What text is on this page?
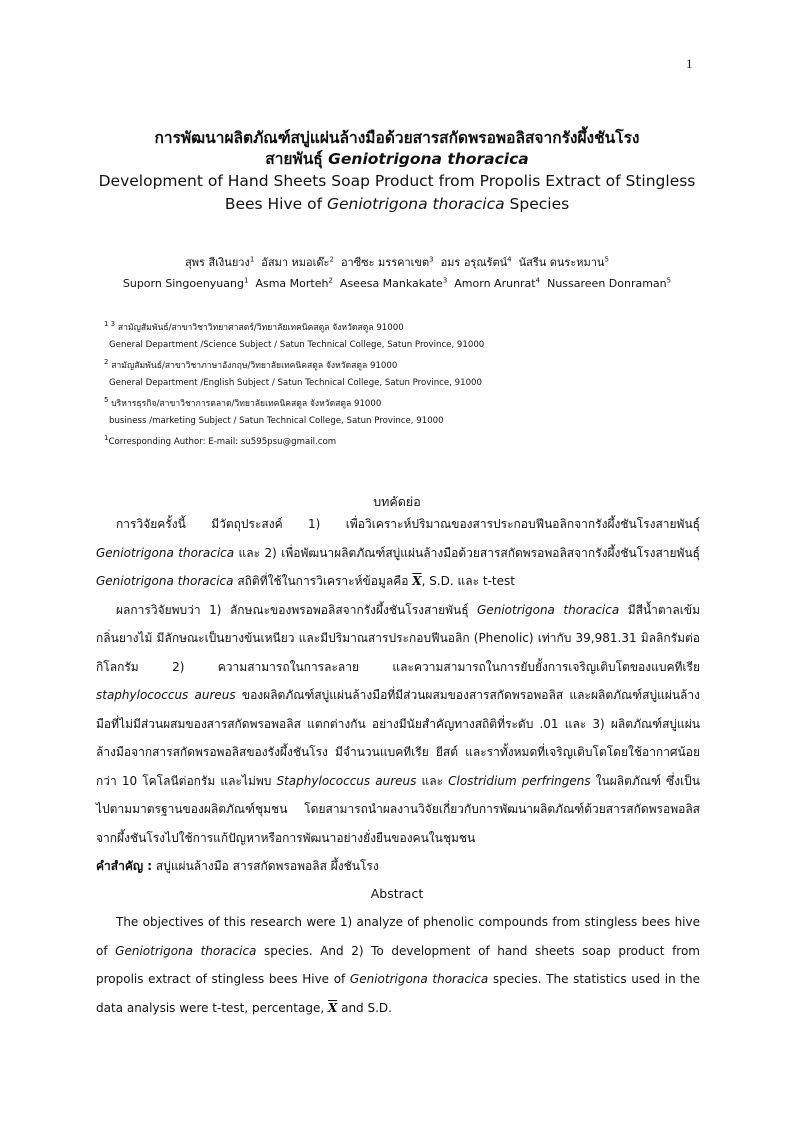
1

การพัฒนาผลิตภัณฑ์สบู่แผ่นล้างมือด้วยสารสกัดพรอพอลิสจากรังผึ้งชันโรง

สายพันธุ์ Geniotrigona thoracica

Development of Hand Sheets Soap Product from Propolis Extract of Stingless

Bees Hive of Geniotrigona thoracica Species

สุพร สีเงินยวง$^1$ อัสมา หมอเด๊ะ$^2$ อาซีซะ มรรคาเขต$^3$ อมร อรุณรัตน์$^4$ นัสรีน ดนระหมาน$^5$
Suporn Singoenyuang$^1$ Asma Morteh$^2$ Aseesa Mankakate$^3$ Amorn Arunrat$^4$ Nussareen Donraman$^5$
$^{1 3}$ สามัญสัมพันธ์/สาขาวิชาวิทยาศาสตร์/วิทยาลัยเทคนิคสตูล จังหวัดสตูล 91000
General Department /Science Subject / Satun Technical College, Satun Province, 91000
$^2$ สามัญสัมพันธ์/สาขาวิชาภาษาอังกฤษ/วิทยาลัยเทคนิคสตูล จังหวัดสตูล 91000
General Department /English Subject / Satun Technical College, Satun Province, 91000
$^5$ บริหารธุรกิจ/สาขาวิชาการตลาด/วิทยาลัยเทคนิคสตูล จังหวัดสตูล 91000
business /marketing Subject / Satun Technical College, Satun Province, 91000
$^1$Corresponding Author: E-mail: su595psu@gmail.com
บทคัดย่อ

การวิจัยครั้งนี้ มีวัตถุประสงค์ 1) เพื่อวิเคราะห์ปริมาณของสารประกอบฟีนอลิกจากรังผึ้งชันโรงสายพันธุ์ Geniotrigona thoracica และ 2) เพื่อพัฒนาผลิตภัณฑ์สบู่แผ่นล้างมือด้วยสารสกัดพรอพอลิสจากรังผึ้งชันโรงสายพันธุ์ Geniotrigona thoracica สถิติที่ใช้ในการวิเคราะห์ข้อมูลคือ $\overline{X}$, S.D. และ t-test

ผลการวิจัยพบว่า 1) ลักษณะของพรอพอลิสจากรังผึ้งชันโรงสายพันธุ์ Geniotrigona thoracica มีสีน้ำตาลเข้ม กลิ่นยางไม้ มีลักษณะเป็นยางข้นเหนียว และมีปริมาณสารประกอบฟีนอลิก (Phenolic) เท่ากับ 39,981.31 มิลลิกรัมต่อกิโลกรัม 2) ความสามารถในการละลาย และความสามารถในการยับยั้งการเจริญเติบโตของแบคทีเรีย staphylococcus aureus ของผลิตภัณฑ์สบู่แผ่นล้างมือที่มีส่วนผสมของสารสกัดพรอพอลิส และผลิตภัณฑ์สบู่แผ่นล้างมือที่ไม่มีส่วนผสมของสารสกัดพรอพอลิส แตกต่างกัน อย่างมีนัยสำคัญทางสถิติที่ระดับ .01 และ 3) ผลิตภัณฑ์สบู่แผ่นล้างมือจากสารสกัดพรอพอลิสของรังผึ้งชันโรง มีจำนวนแบคทีเรีย ยีสต์ และราทั้งหมดที่เจริญเติบโตโดยใช้อากาศน้อยกว่า 10 โคโลนีต่อกรัม และไม่พบ Staphylococcus aureus และ Clostridium perfringens ในผลิตภัณฑ์ ซึ่งเป็นไปตามมาตรฐานของผลิตภัณฑ์ชุมชน โดยสามารถนำผลงานวิจัยเกี่ยวกับการพัฒนาผลิตภัณฑ์ด้วยสารสกัดพรอพอลิสจากผึ้งชันโรงไปใช้การแก้ปัญหาหรือการพัฒนาอย่างยั่งยืนของคนในชุมชน

คำสำคัญ : สบู่แผ่นล้างมือ สารสกัดพรอพอลิส ผึ้งชันโรง

Abstract

The objectives of this research were 1) analyze of phenolic compounds from stingless bees hive of Geniotrigona thoracica species. And 2) To development of hand sheets soap product from propolis extract of stingless bees Hive of Geniotrigona thoracica species. The statistics used in the data analysis were t-test, percentage, $\overline{X}$ and S.D.
